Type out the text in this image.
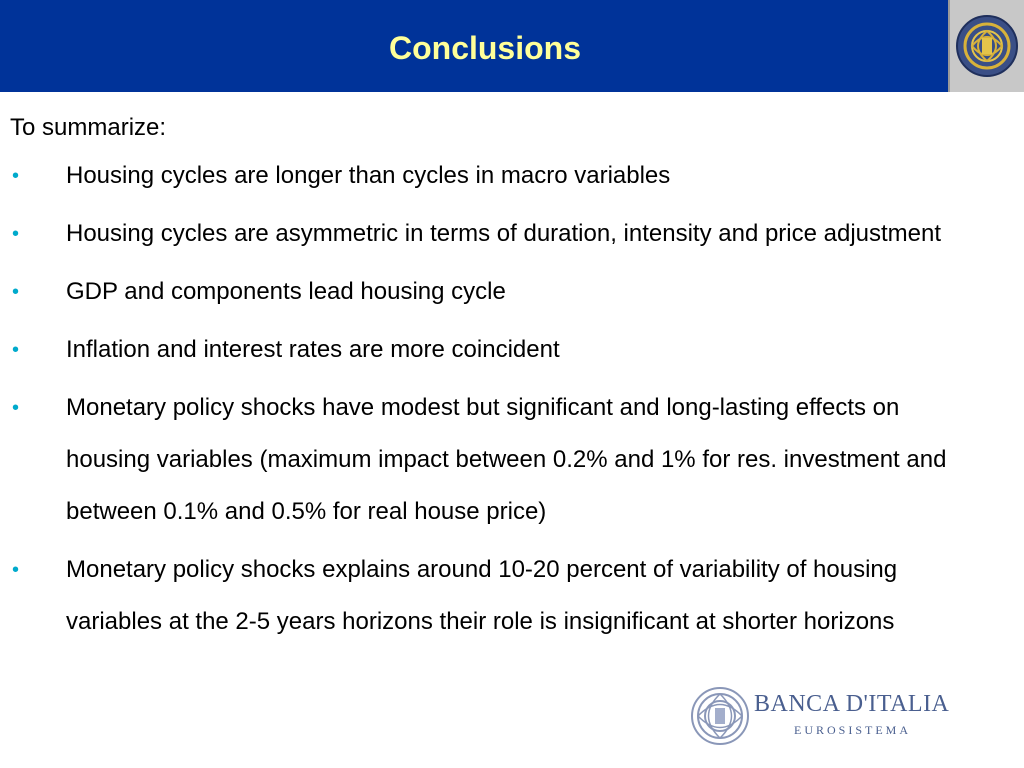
Conclusions
To summarize:
• Housing cycles are longer than cycles in macro variables
• Housing cycles are asymmetric in terms of duration, intensity and price adjustment
• GDP and components lead housing cycle
• Inflation and interest rates are more coincident
• Monetary policy shocks have modest but significant and long-lasting effects on housing variables (maximum impact between 0.2% and 1% for res. investment and between 0.1% and 0.5% for real house price)
• Monetary policy shocks explains around 10-20 percent of variability of housing variables at the 2-5 years horizons their role is insignificant at shorter horizons
BANCA D'ITALIA
EUROSISTEMA
